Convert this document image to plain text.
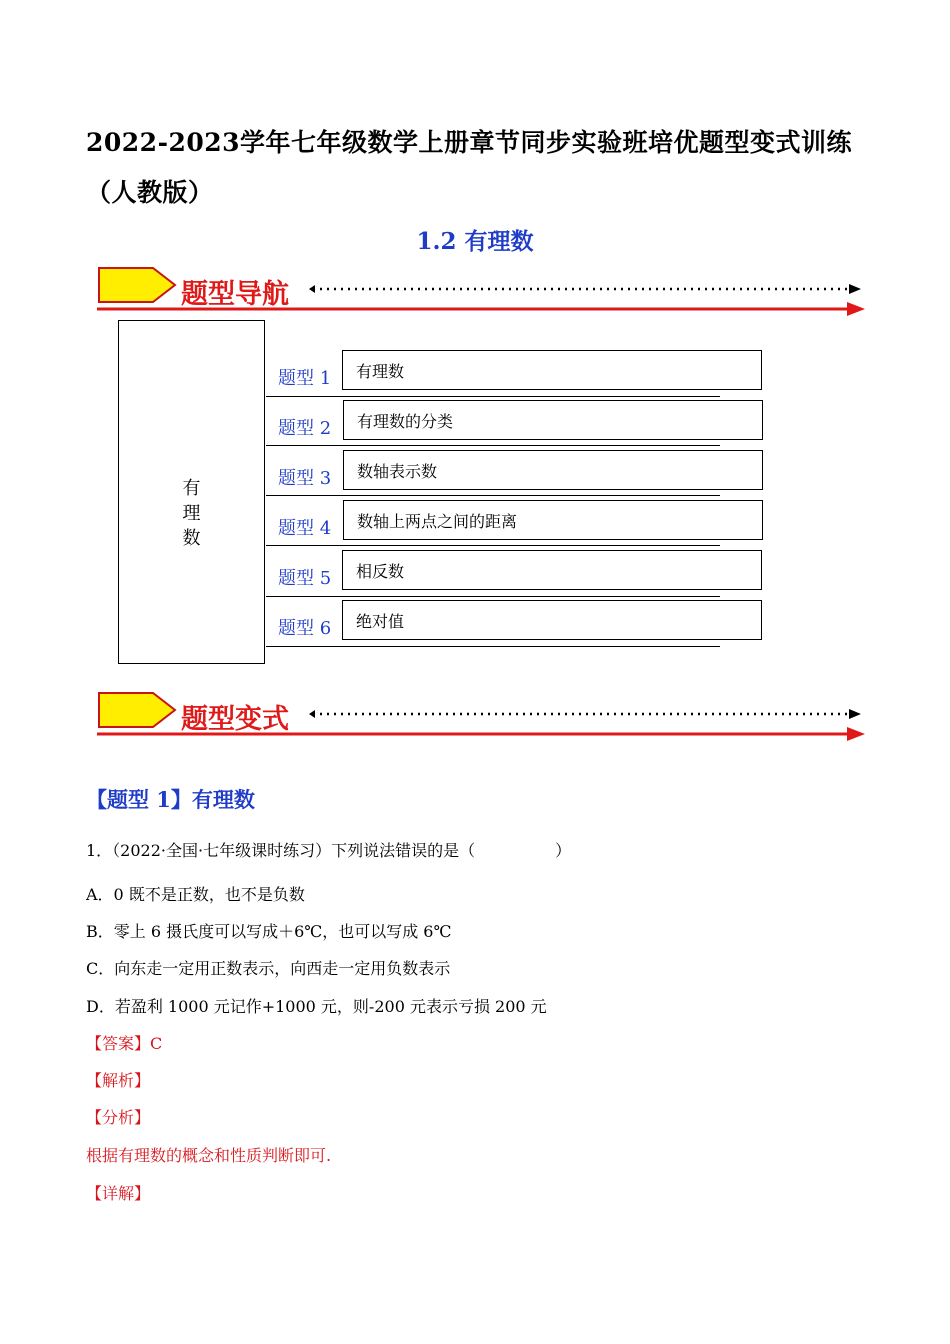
2022-2023学年七年级数学上册章节同步实验班培优题型变式训练（人教版）
1.2 有理数
题型导航
有
理
数
题型 1	有理数
题型 2	有理数的分类
题型 3	数轴表示数
题型 4	数轴上两点之间的距离
题型 5	相反数
题型 6	绝对值
题型变式
【题型 1】有理数
1．（2022·全国·七年级课时练习）下列说法错误的是（　　　　　）
A．0 既不是正数，也不是负数
B．零上 6 摄氏度可以写成＋6℃，也可以写成 6℃
C．向东走一定用正数表示，向西走一定用负数表示
D．若盈利 1000 元记作+1000 元，则-200 元表示亏损 200 元
【答案】C
【解析】
【分析】
根据有理数的概念和性质判断即可.
【详解】
